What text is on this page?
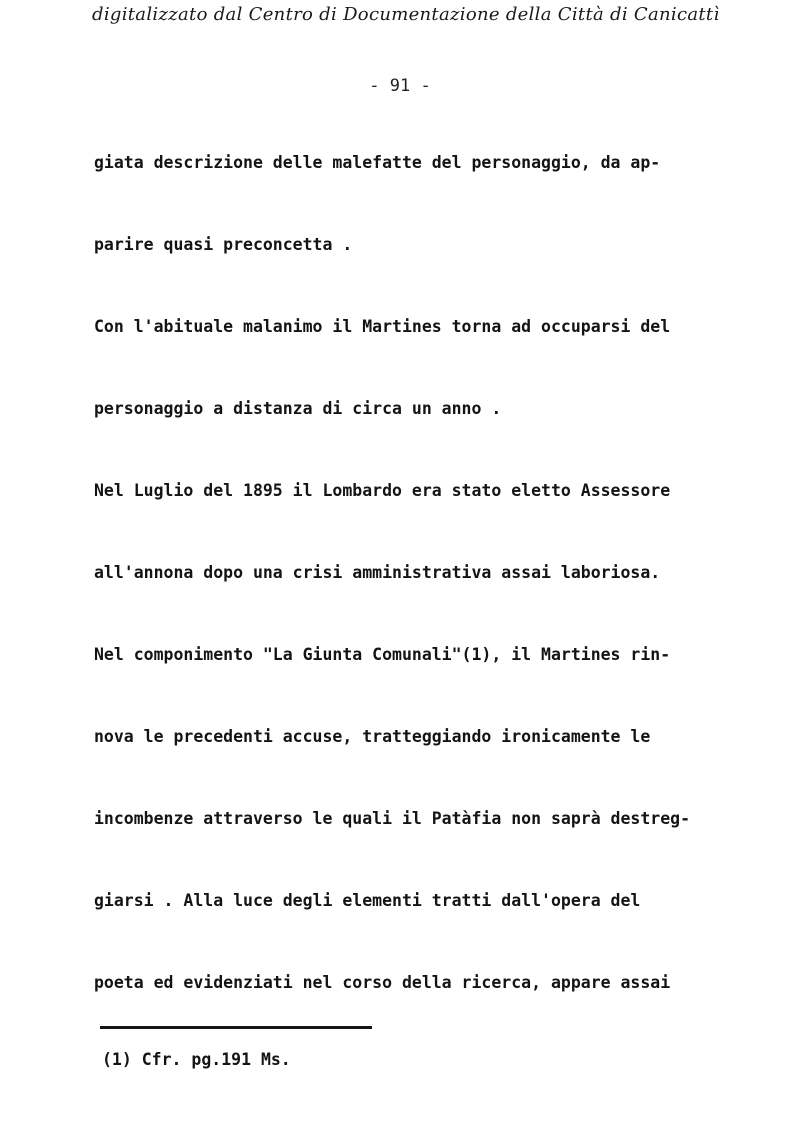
digitalizzato dal Centro di Documentazione della Città di Canicattì
- 91 -
giata descrizione delle malefatte del personaggio, da ap-
parire quasi preconcetta .
Con l'abituale malanimo il Martines torna ad occuparsi del
personaggio a distanza di circa un anno .
Nel Luglio del 1895 il Lombardo era stato eletto Assessore
all'annona dopo una crisi amministrativa assai laboriosa.
Nel componimento "La Giunta Comunali"(1), il Martines rin-
nova le precedenti accuse, tratteggiando ironicamente le
incombenze attraverso le quali il Patàfia non saprà destreg-
giarsi . Alla luce degli elementi tratti dall'opera del
poeta ed evidenziati nel corso della ricerca, appare assai
(1) Cfr. pg.191 Ms.
